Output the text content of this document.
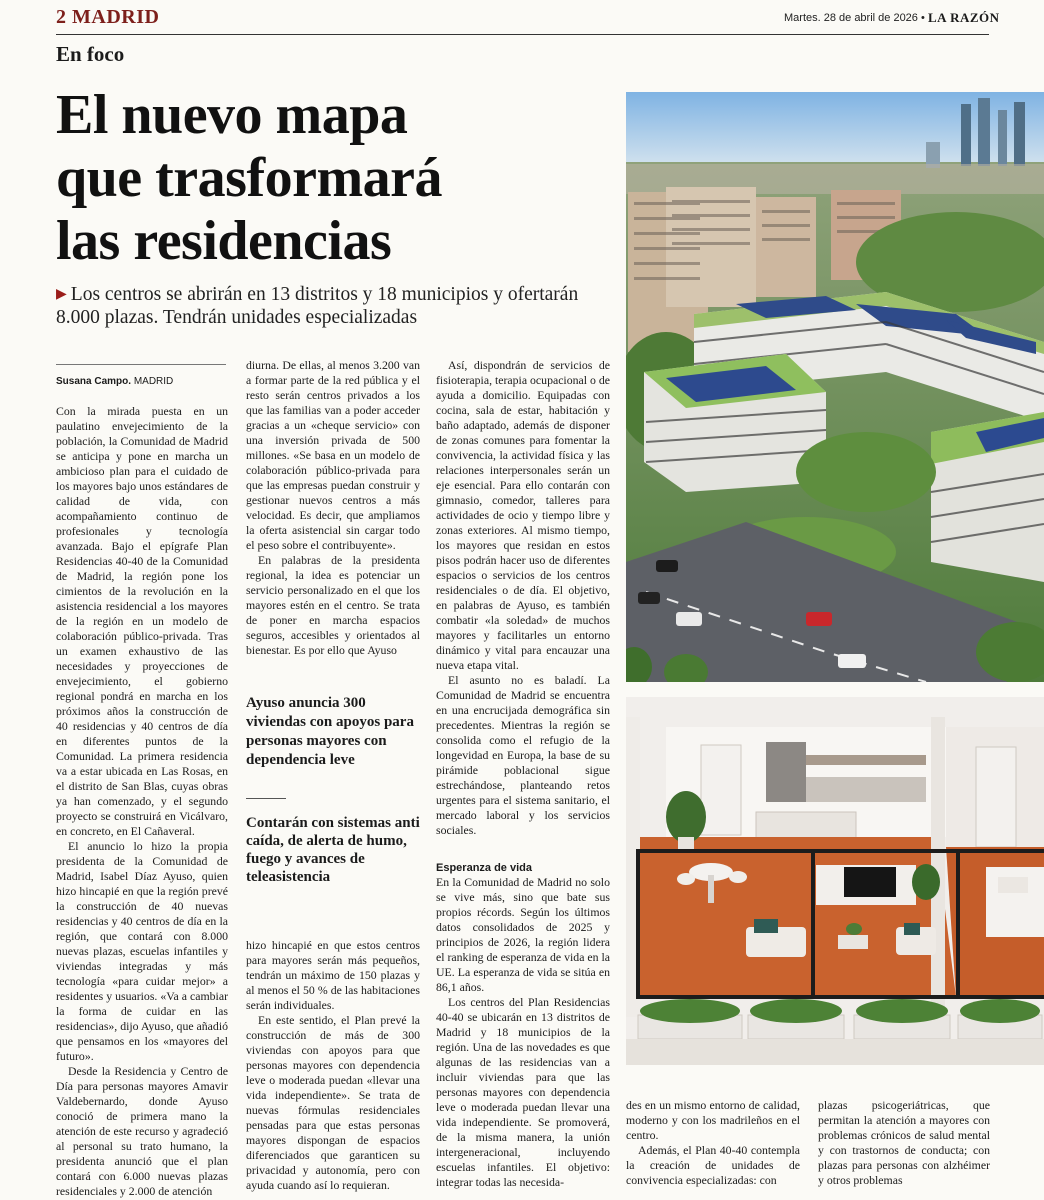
2 MADRID	Martes. 28 de abril de 2026 • LA RAZÓN
En foco
El nuevo mapa
que trasformará
las residencias
▶ Los centros se abrirán en 13 distritos y 18 municipios y ofertarán 8.000 plazas. Tendrán unidades especializadas
Susana Campo. MADRID

Con la mirada puesta en un paulatino envejecimiento de la población, la Comunidad de Madrid se anticipa y pone en marcha un ambicioso plan para el cuidado de los mayores bajo unos estándares de calidad de vida, con acompañamiento continuo de profesionales y tecnología avanzada. Bajo el epígrafe Plan Residencias 40-40 de la Comunidad de Madrid, la región pone los cimientos de la revolución en la asistencia residencial a los mayores de la región en un modelo de colaboración público-privada. Tras un examen exhaustivo de las necesidades y proyecciones de envejecimiento, el gobierno regional pondrá en marcha en los próximos años la construcción de 40 residencias y 40 centros de día en diferentes puntos de la Comunidad. La primera residencia va a estar ubicada en Las Rosas, en el distrito de San Blas, cuyas obras ya han comenzado, y el segundo proyecto se construirá en Vicálvaro, en concreto, en El Cañaveral.

El anuncio lo hizo la propia presidenta de la Comunidad de Madrid, Isabel Díaz Ayuso, quien hizo hincapié en que la región prevé la construcción de 40 nuevas residencias y 40 centros de día en la región, que contará con 8.000 nuevas plazas, escuelas infantiles y viviendas integradas y más tecnología «para cuidar mejor» a residentes y usuarios. «Va a cambiar la forma de cuidar en las residencias», dijo Ayuso, que añadió que pensamos en los «mayores del futuro».

Desde la Residencia y Centro de Día para personas mayores Amavir Valdebernardo, donde Ayuso conoció de primera mano la atención de este recurso y agradeció al personal su trato humano, la presidenta anunció que el plan contará con 6.000 nuevas plazas residenciales y 2.000 de atención

diurna. De ellas, al menos 3.200 van a formar parte de la red pública y el resto serán centros privados a los que las familias van a poder acceder gracias a un «cheque servicio» con una inversión privada de 500 millones. «Se basa en un modelo de colaboración público-privada para que las empresas puedan construir y gestionar nuevos centros a más velocidad. Es decir, que ampliamos la oferta asistencial sin cargar todo el peso sobre el contribuyente».

En palabras de la presidenta regional, la idea es potenciar un servicio personalizado en el que los mayores estén en el centro. Se trata de poner en marcha espacios seguros, accesibles y orientados al bienestar. Es por ello que Ayuso

Ayuso anuncia 300 viviendas con apoyos para personas mayores con dependencia leve
Contarán con sistemas anti caída, de alerta de humo, fuego y avances de teleasistencia

hizo hincapié en que estos centros para mayores serán más pequeños, tendrán un máximo de 150 plazas y al menos el 50 % de las habitaciones serán individuales.

En este sentido, el Plan prevé la construcción de más de 300 viviendas con apoyos para que personas mayores con dependencia leve o moderada puedan «llevar una vida independiente». Se trata de nuevas fórmulas residenciales pensadas para que estas personas mayores dispongan de espacios diferenciados que garanticen su privacidad y autonomía, pero con ayuda cuando así lo requieran.

Así, dispondrán de servicios de fisioterapia, terapia ocupacional o de ayuda a domicilio. Equipadas con cocina, sala de estar, habitación y baño adaptado, además de disponer de zonas comunes para fomentar la convivencia, la actividad física y las relaciones interpersonales serán un eje esencial. Para ello contarán con gimnasio, comedor, talleres para actividades de ocio y tiempo libre y zonas exteriores. Al mismo tiempo, los mayores que residan en estos pisos podrán hacer uso de diferentes espacios o servicios de los centros residenciales o de día. El objetivo, en palabras de Ayuso, es también combatir «la soledad» de muchos mayores y facilitarles un entorno dinámico y vital para encauzar una nueva etapa vital.

El asunto no es baladí. La Comunidad de Madrid se encuentra en una encrucijada demográfica sin precedentes. Mientras la región se consolida como el refugio de la longevidad en Europa, la base de su pirámide poblacional sigue estrechándose, planteando retos urgentes para el sistema sanitario, el mercado laboral y los servicios sociales.

Esperanza de vida

En la Comunidad de Madrid no solo se vive más, sino que bate sus propios récords. Según los últimos datos consolidados de 2025 y principios de 2026, la región lidera el ranking de esperanza de vida en la UE. La esperanza de vida se sitúa en 86,1 años.

Los centros del Plan Residencias 40-40 se ubicarán en 13 distritos de Madrid y 18 municipios de la región. Una de las novedades es que algunas de las residencias van a incluir viviendas para que las personas mayores con dependencia leve o moderada puedan llevar una vida independiente. Se promoverá, de la misma manera, la unión intergeneracional, incluyendo escuelas infantiles. El objetivo: integrar todas las necesida-

des en un mismo entorno de calidad, moderno y con los madrileños en el centro.

Además, el Plan 40-40 contempla la creación de unidades de convivencia especializadas: con

plazas psicogeriátricas, que permitan la atención a mayores con problemas crónicos de salud mental y con trastornos de conducta; con plazas para personas con alzhéimer y otros problemas
